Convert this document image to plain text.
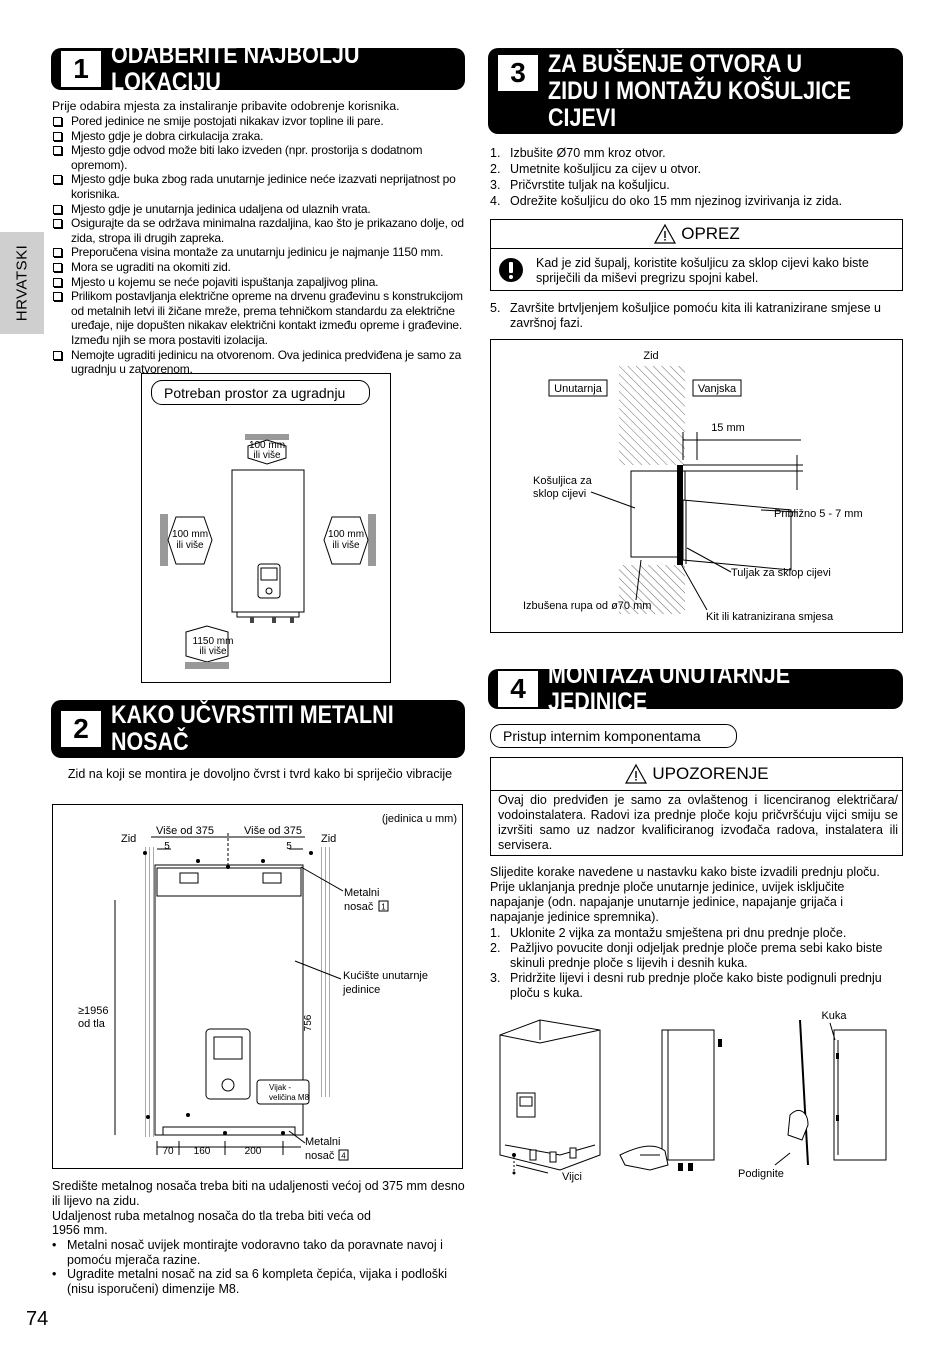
HRVATSKI
1 ODABERITE NAJBOLJU LOKACIJU
Prije odabira mjesta za instaliranje pribavite odobrenje korisnika.
Pored jedinice ne smije postojati nikakav izvor topline ili pare.
Mjesto gdje je dobra cirkulacija zraka.
Mjesto gdje odvod može biti lako izveden (npr. prostorija s dodatnom opremom).
Mjesto gdje buka zbog rada unutarnje jedinice neće izazvati neprijatnost po korisnika.
Mjesto gdje je unutarnja jedinica udaljena od ulaznih vrata.
Osigurajte da se održava minimalna razdaljina, kao što je prikazano dolje, od zida, stropa ili drugih zapreka.
Preporučena visina montaže za unutarnju jedinicu je najmanje 1150 mm.
Mora se ugraditi na okomiti zid.
Mjesto u kojemu se neće pojaviti ispuštanja zapaljivog plina.
Prilikom postavljanja električne opreme na drvenu građevinu s konstrukcijom od metalnih letvi ili žičane mreže, prema tehničkom standardu za električne uređaje, nije dopušten nikakav električni kontakt između opreme i građevine. Između njih se mora postaviti izolacija.
Nemojte ugraditi jedinicu na otvorenom. Ova jedinica predviđena je samo za ugradnju u zatvorenom.
Potreban prostor za ugradnju
100 mm
ili više
100 mm
ili više
100 mm
ili više
1150 mm
ili više
2 KAKO UČVRSTITI METALNI
NOSAČ
Zid na koji se montira je dovoljno čvrst i tvrd kako bi spriječio vibracije
(jedinica u mm)
Zid	Zid
Više od 375	Više od 375
5	5
Metalni
nosač 1
Kućište unutarnje
jedinice
≥1956
od tla	756
Vijak -
veličina M8
Metalni
nosač 4
70 160	200
Središte metalnog nosača treba biti na udaljenosti većoj od 375 mm desno ili lijevo na zidu.
Udaljenost ruba metalnog nosača do tla treba biti veća od
1956 mm.
• Metalni nosač uvijek montirajte vodoravno tako da poravnate navoj i pomoću mjerača razine.
• Ugradite metalni nosač na zid sa 6 kompleta čepića, vijaka i podloški (nisu isporučeni) dimenzije M8.
74
3 ZA BUŠENJE OTVORA U
ZIDU I MONTAŽU KOŠULJICE
CIJEVI
1. Izbušite Ø70 mm kroz otvor.
2. Umetnite košuljicu za cijev u otvor.
3. Pričvrstite tuljak na košuljicu.
4. Odrežite košuljicu do oko 15 mm njezinog izvirivanja iz zida.
OPREZ
Kad je zid šupalj, koristite košuljicu za sklop cijevi kako biste spriječili da miševi pregrizu spojni kabel.
5. Završite brtvljenjem košuljice pomoću kita ili katranizirane smjese u završnoj fazi.
Zid
Unutarnja	Vanjska
15 mm
Košuljica za
sklop cijevi
Približno 5 - 7 mm
Tuljak za sklop cijevi
Izbušena rupa od ø70 mm
Kit ili katranizirana smjesa
4 MONTAŽA UNUTARNJE JEDINICE
Pristup internim komponentama
UPOZORENJE
Ovaj dio predviđen je samo za ovlaštenog i licenciranog električara/ vodoinstalatera. Radovi iza prednje ploče koju pričvršćuju vijci smiju se izvršiti samo uz nadzor kvalificiranog izvođača radova, instalatera ili servisera.
Slijedite korake navedene u nastavku kako biste izvadili prednju ploču. Prije uklanjanja prednje ploče unutarnje jedinice, uvijek isključite napajanje (odn. napajanje unutarnje jedinice, napajanje grijača i napajanje jedinice spremnika).
1. Uklonite 2 vijka za montažu smještena pri dnu prednje ploče.
2. Pažljivo povucite donji odjeljak prednje ploče prema sebi kako biste skinuli prednje ploče s lijevih i desnih kuka.
3. Pridržite lijevi i desni rub prednje ploče kako biste podignuli prednju ploču s kuka.
Kuka
Vijci	Podignite
